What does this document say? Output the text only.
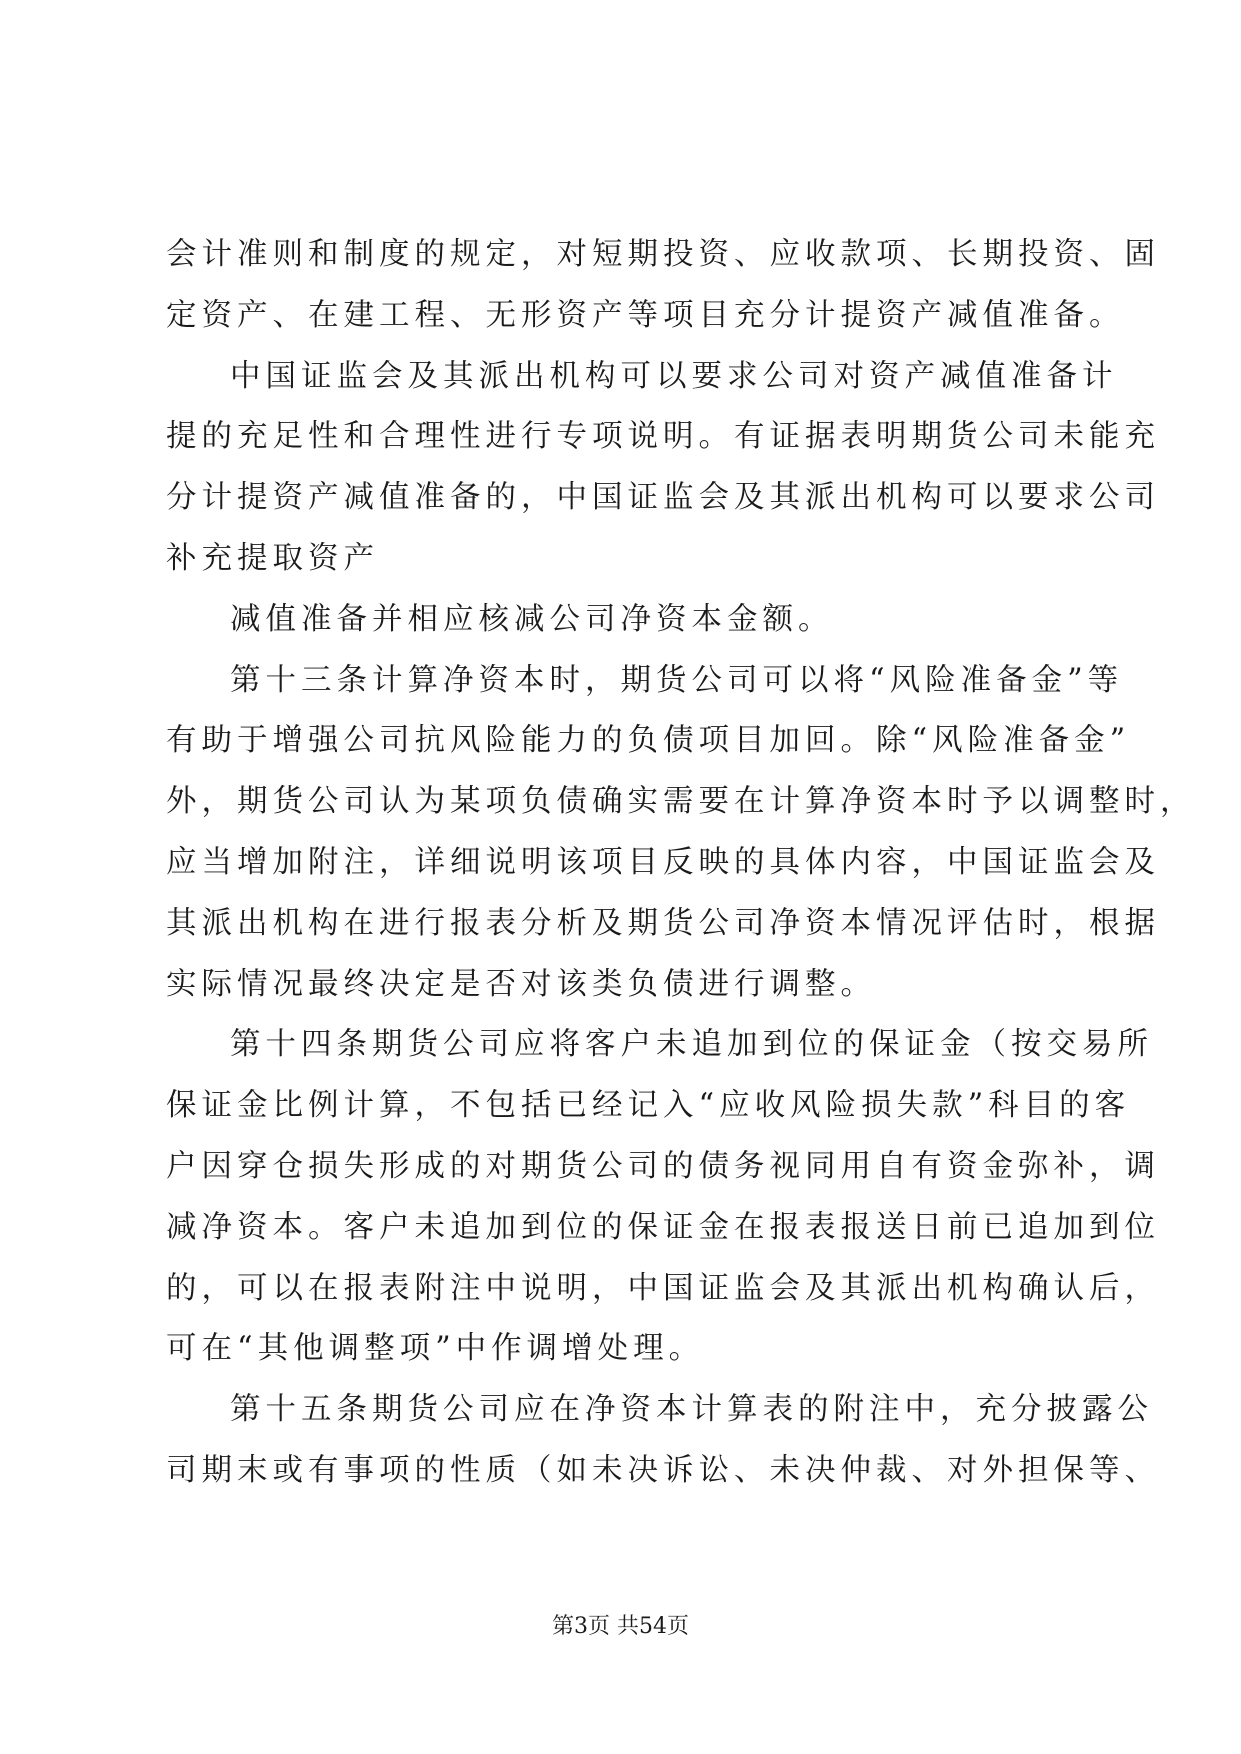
会计准则和制度的规定，对短期投资、应收款项、长期投资、固
定资产、在建工程、无形资产等项目充分计提资产减值准备。
中国证监会及其派出机构可以要求公司对资产减值准备计
提的充足性和合理性进行专项说明。有证据表明期货公司未能充
分计提资产减值准备的，中国证监会及其派出机构可以要求公司
补充提取资产
减值准备并相应核减公司净资本金额。
第十三条计算净资本时，期货公司可以将“风险准备金”等
有助于增强公司抗风险能力的负债项目加回。除“风险准备金”
外，期货公司认为某项负债确实需要在计算净资本时予以调整时，
应当增加附注，详细说明该项目反映的具体内容，中国证监会及
其派出机构在进行报表分析及期货公司净资本情况评估时，根据
实际情况最终决定是否对该类负债进行调整。
第十四条期货公司应将客户未追加到位的保证金（按交易所
保证金比例计算，不包括已经记入“应收风险损失款”科目的客
户因穿仓损失形成的对期货公司的债务视同用自有资金弥补，调
减净资本。客户未追加到位的保证金在报表报送日前已追加到位
的，可以在报表附注中说明，中国证监会及其派出机构确认后，
可在“其他调整项”中作调增处理。
第十五条期货公司应在净资本计算表的附注中，充分披露公
司期末或有事项的性质（如未决诉讼、未决仲裁、对外担保等、
第3页 共54页
